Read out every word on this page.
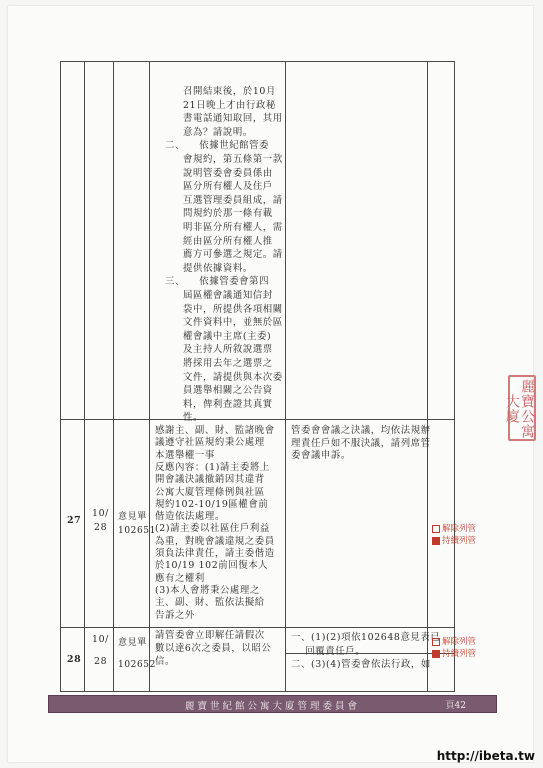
召開結束後，於10月
21日晚上才由行政秘
書電話通知取回，其用
意為？請說明。
二、    依據世紀館管委
會規約，第五條第一款
說明管委會委員係由
區分所有權人及住戶
互選管理委員組成，請
問規約於那一條有載
明非區分所有權人，需
經由區分所有權人推
薦方可參選之規定。請
提供依據資料。
三、    依據管委會第四
屆區權會議通知信封
袋中，所提供各項相關
文件資料中，並無於區
權會議中主席(主委)
及主持人所敘說選票
將採用去年之選票之
文件，請提供與本次委
員選舉相關之公告資
料，俾利查證其真實
性。
27
10/
28
意見單
102651
感謝主、副、財、監諸晚會
議遵守社區規約秉公處理
本選舉權一事
反應內容：(1)請主委將上
開會議決議撤銷因其違背
公寓大廈管理條例與社區
規約102-10/19區權會前
偕造依法處理。
(2)請主委以社區住戶利益
為重，對晚會議違規之委員
須負法律責任，請主委偕造
於10/19 102前回復本人
應有之權利
(3)本人會將秉公處理之
主、副、財、監依法擬給
告訴之外
管委會會議之決議，均依法規辦
理責任戶如不服決議，請列席管
委會議申訴。
解除列管
持續列管
28
10/
28
意見單
102652
請管委會立即解任請假次
數以達6次之委員，以昭公
信。
一、(1)(2)項依102648意見表已
回覆責任戶。
二、(3)(4)管委會依法行政，如
解除列管
持續列管
麗寶世紀館公寓大廈管理委員會	頁42
麗寶公寓大廈
http://ibeta.tw
